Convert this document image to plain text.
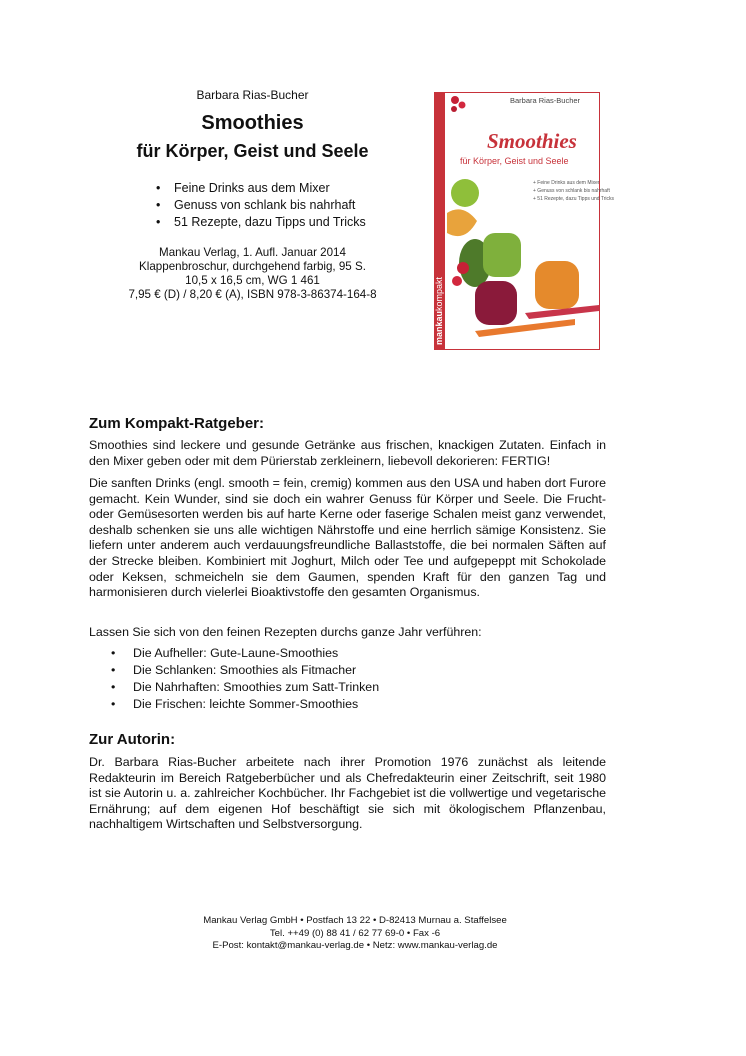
Barbara Rias-Bucher
Smoothies
für Körper, Geist und Seele
• Feine Drinks aus dem Mixer
• Genuss von schlank bis nahrhaft
• 51 Rezepte, dazu Tipps und Tricks
Mankau Verlag, 1. Aufl. Januar 2014
Klappenbroschur, durchgehend farbig, 95 S.
10,5 x 16,5 cm, WG 1 461
7,95 € (D) / 8,20 € (A), ISBN 978-3-86374-164-8
mankaukompakt
Barbara Rias-Bucher
Smoothies
für Körper, Geist und Seele
+ Feine Drinks aus dem Mixer
+ Genuss von schlank bis nahrhaft
+ 51 Rezepte, dazu Tipps und Tricks
Zum Kompakt-Ratgeber:
Smoothies sind leckere und gesunde Getränke aus frischen, knackigen Zutaten. Einfach in den Mixer geben oder mit dem Pürierstab zerkleinern, liebevoll dekorieren: FERTIG!
Die sanften Drinks (engl. smooth = fein, cremig) kommen aus den USA und haben dort Furore gemacht. Kein Wunder, sind sie doch ein wahrer Genuss für Körper und Seele. Die Frucht- oder Gemüsesorten werden bis auf harte Kerne oder faserige Schalen meist ganz verwendet, deshalb schenken sie uns alle wichtigen Nährstoffe und eine herrlich sämige Konsistenz. Sie liefern unter anderem auch verdauungsfreundliche Ballaststoffe, die bei normalen Säften auf der Strecke bleiben. Kombiniert mit Joghurt, Milch oder Tee und aufgepeppt mit Schokolade oder Keksen, schmeicheln sie dem Gaumen, spenden Kraft für den ganzen Tag und harmonisieren durch vielerlei Bioaktivstoffe den gesamten Organismus.
Lassen Sie sich von den feinen Rezepten durchs ganze Jahr verführen:
• Die Aufheller: Gute-Laune-Smoothies
• Die Schlanken: Smoothies als Fitmacher
• Die Nahrhaften: Smoothies zum Satt-Trinken
• Die Frischen: leichte Sommer-Smoothies
Zur Autorin:
Dr. Barbara Rias-Bucher arbeitete nach ihrer Promotion 1976 zunächst als leitende Redakteurin im Bereich Ratgeberbücher und als Chefredakteurin einer Zeitschrift, seit 1980 ist sie Autorin u. a. zahlreicher Kochbücher. Ihr Fachgebiet ist die vollwertige und vegetarische Ernährung; auf dem eigenen Hof beschäftigt sie sich mit ökologischem Pflanzenbau, nachhaltigem Wirtschaften und Selbstversorgung.
Mankau Verlag GmbH • Postfach 13 22 • D-82413 Murnau a. Staffelsee
Tel. ++49 (0) 88 41 / 62 77 69-0 • Fax -6
E-Post: kontakt@mankau-verlag.de • Netz: www.mankau-verlag.de
